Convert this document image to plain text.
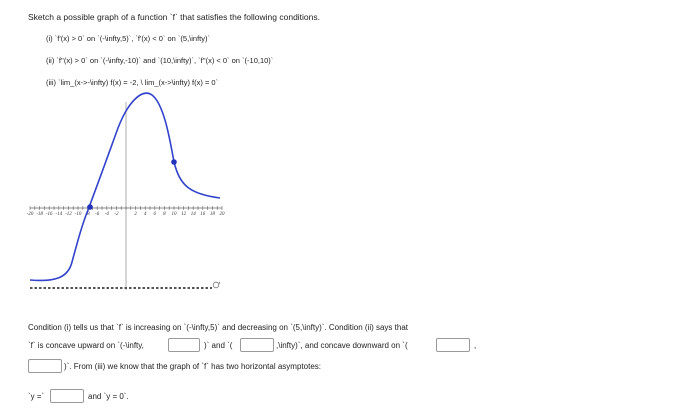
Sketch a possible graph of a function `f` that satisfies the following conditions.
(i) `f'(x) > 0` on `(-\infty,5)`, `f'(x) < 0` on `(5,\infty)`
(ii) `f''(x) > 0` on `(-\infty,-10)` and `(10,\infty)`, `f''(x) < 0` on `(-10,10)`
(iii) `lim_(x->-\infty) f(x) = -2, \ lim_(x->\infty) f(x) = 0`
-20 -18 -16 -14 -12 -10 -8 -6 -4 -2	2 4 6 8 10 12 14 16 18 20
Condition (i) tells us that `f` is increasing on `(-\infty,5)` and decreasing on `(5,\infty)`. Condition (ii) says that
`f` is concave upward on `(-\infty,	)` and `(	,\infty)`, and concave downward on `(	,
)`. From (iii) we know that the graph of `f` has two horizontal asymptotes:
`y =`	and `y = 0`.
